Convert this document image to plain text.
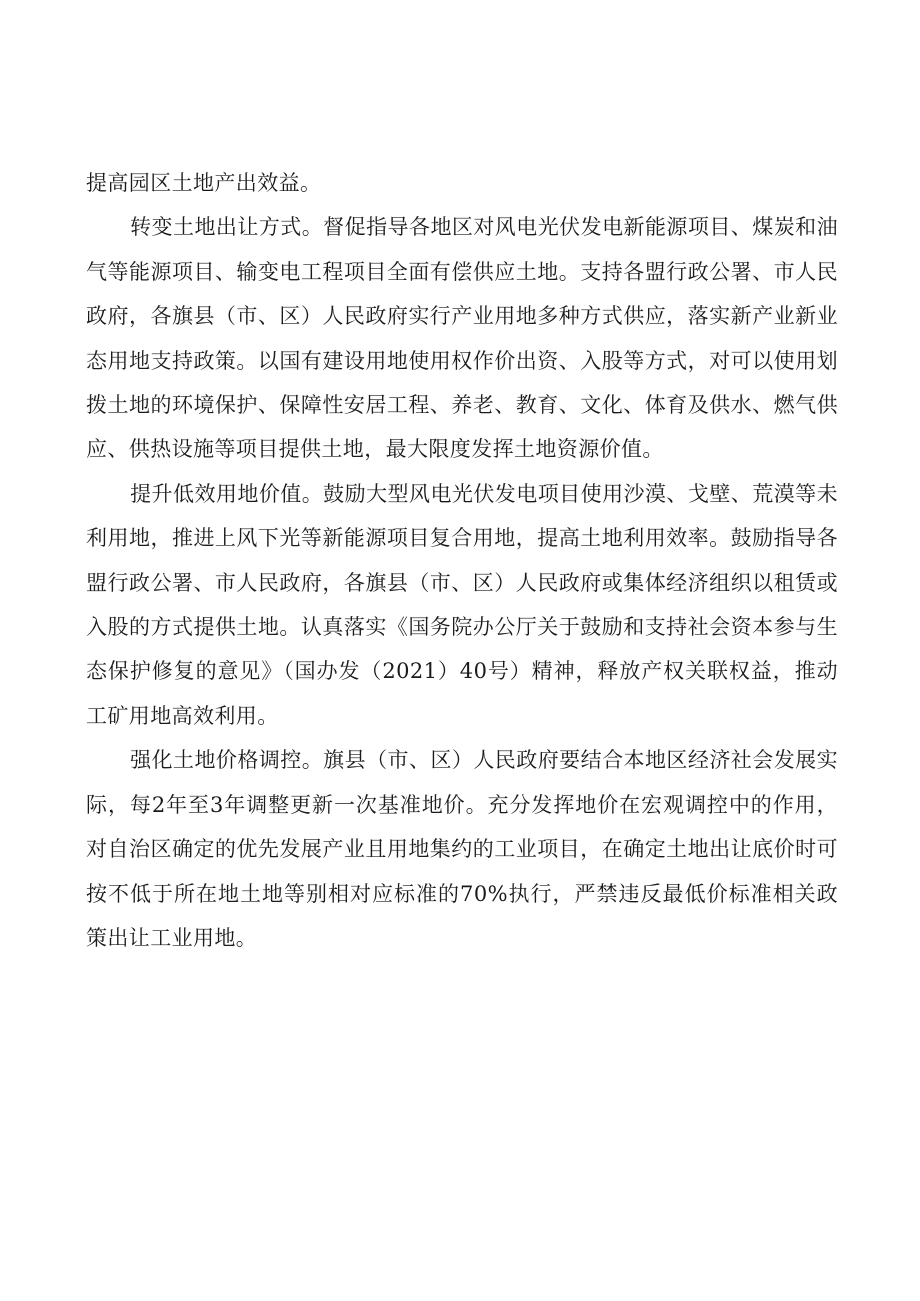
提高园区土地产出效益。

转变土地出让方式。督促指导各地区对风电光伏发电新能源项目、煤炭和油气等能源项目、输变电工程项目全面有偿供应土地。支持各盟行政公署、市人民政府，各旗县（市、区）人民政府实行产业用地多种方式供应，落实新产业新业态用地支持政策。以国有建设用地使用权作价出资、入股等方式，对可以使用划拨土地的环境保护、保障性安居工程、养老、教育、文化、体育及供水、燃气供应、供热设施等项目提供土地，最大限度发挥土地资源价值。

提升低效用地价值。鼓励大型风电光伏发电项目使用沙漠、戈壁、荒漠等未利用地，推进上风下光等新能源项目复合用地，提高土地利用效率。鼓励指导各盟行政公署、市人民政府，各旗县（市、区）人民政府或集体经济组织以租赁或入股的方式提供土地。认真落实《国务院办公厅关于鼓励和支持社会资本参与生态保护修复的意见》（国办发（2021）40号）精神，释放产权关联权益，推动工矿用地高效利用。

强化土地价格调控。旗县（市、区）人民政府要结合本地区经济社会发展实际，每2年至3年调整更新一次基准地价。充分发挥地价在宏观调控中的作用，对自治区确定的优先发展产业且用地集约的工业项目，在确定土地出让底价时可按不低于所在地土地等别相对应标准的70%执行，严禁违反最低价标准相关政策出让工业用地。
